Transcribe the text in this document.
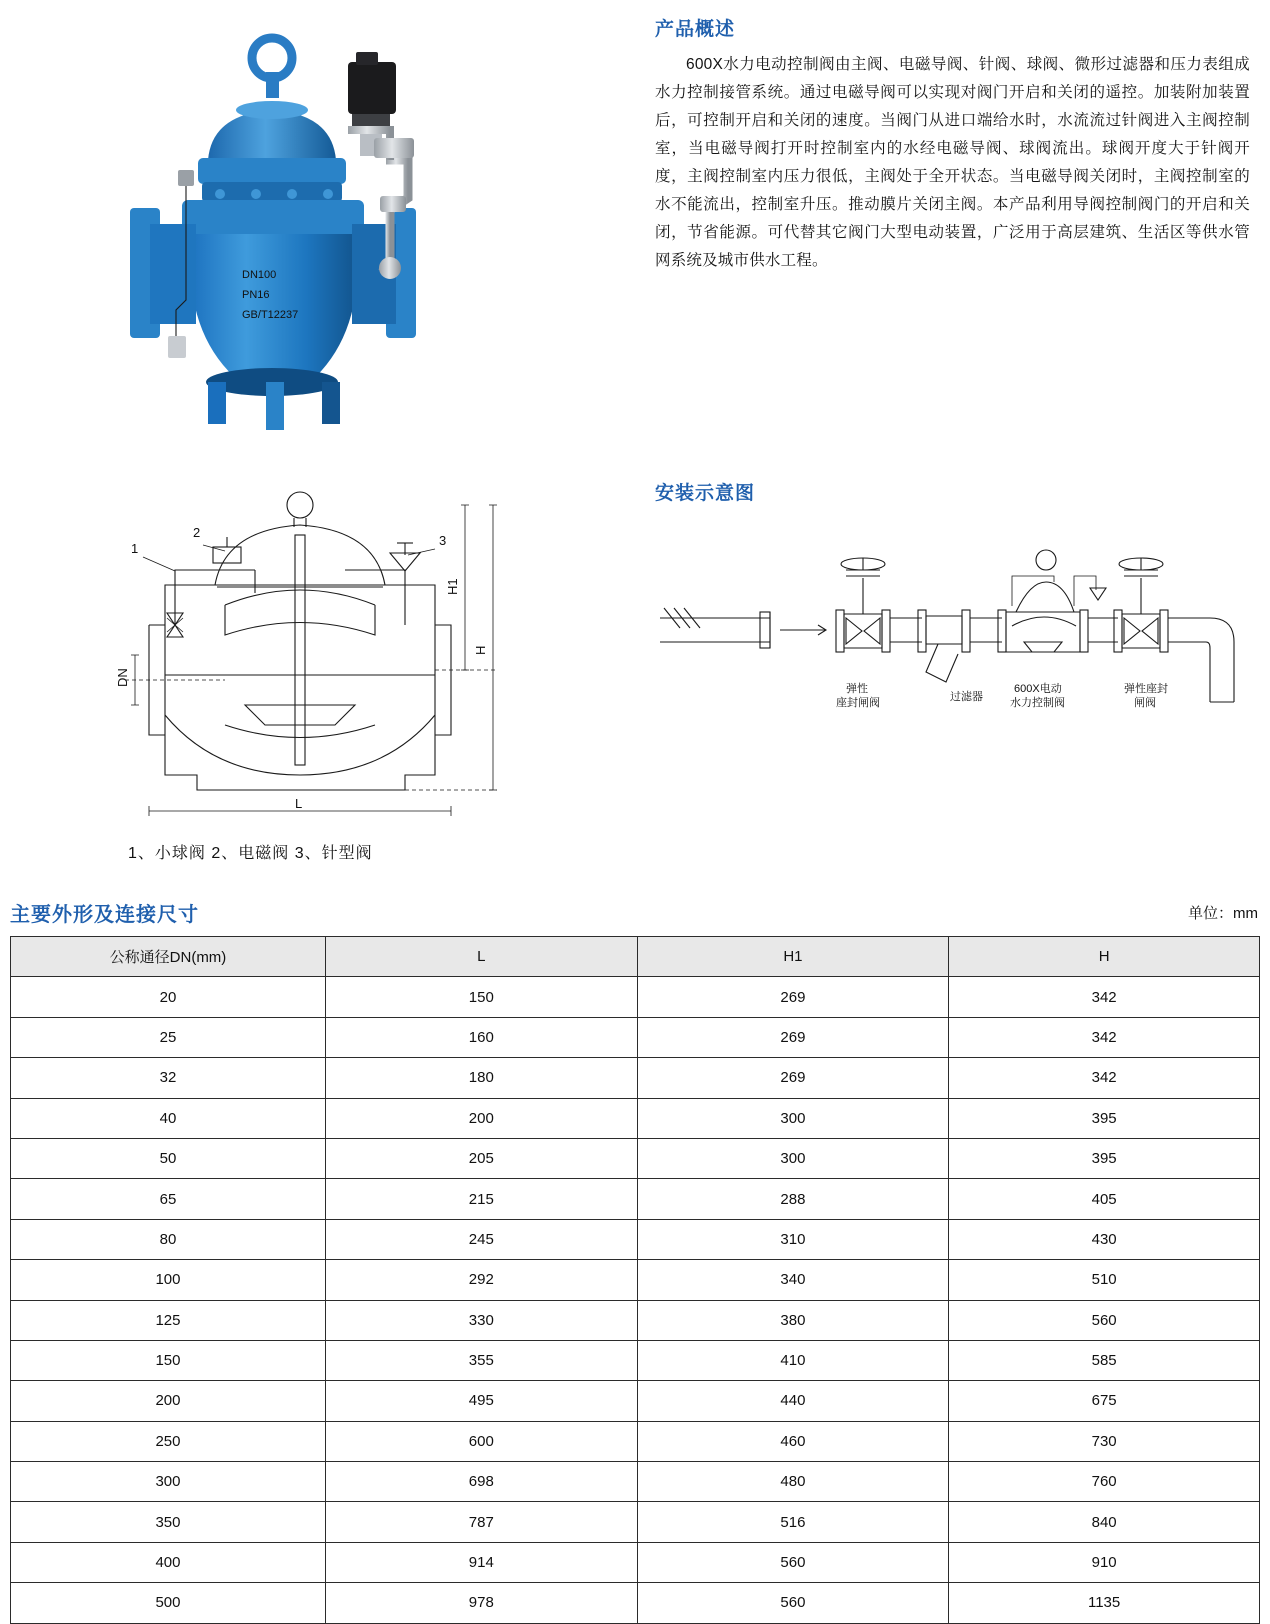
DN100
PN16
GB/T12237
产品概述
600X水力电动控制阀由主阀、电磁导阀、针阀、球阀、微形过滤器和压力表组成水力控制接管系统。通过电磁导阀可以实现对阀门开启和关闭的遥控。加装附加装置后，可控制开启和关闭的速度。当阀门从进口端给水时，水流流过针阀进入主阀控制室，当电磁导阀打开时控制室内的水经电磁导阀、球阀流出。球阀开度大于针阀开度，主阀控制室内压力很低，主阀处于全开状态。当电磁导阀关闭时，主阀控制室的水不能流出，控制室升压。推动膜片关闭主阀。本产品利用导阀控制阀门的开启和关闭，节省能源。可代替其它阀门大型电动装置，广泛用于高层建筑、生活区等供水管网系统及城市供水工程。
1
2
3
H1
H
L
DN
1、小球阀 2、电磁阀 3、针型阀
安装示意图
弹性
座封闸阀	过滤器
600X电动
水力控制阀
弹性座封
闸阀
主要外形及连接尺寸	单位：mm
公称通径DN(mm)	L	H1	H
20	150	269	342
25	160	269	342
32	180	269	342
40	200	300	395
50	205	300	395
65	215	288	405
80	245	310	430
100	292	340	510
125	330	380	560
150	355	410	585
200	495	440	675
250	600	460	730
300	698	480	760
350	787	516	840
400	914	560	910
500	978	560	1135
